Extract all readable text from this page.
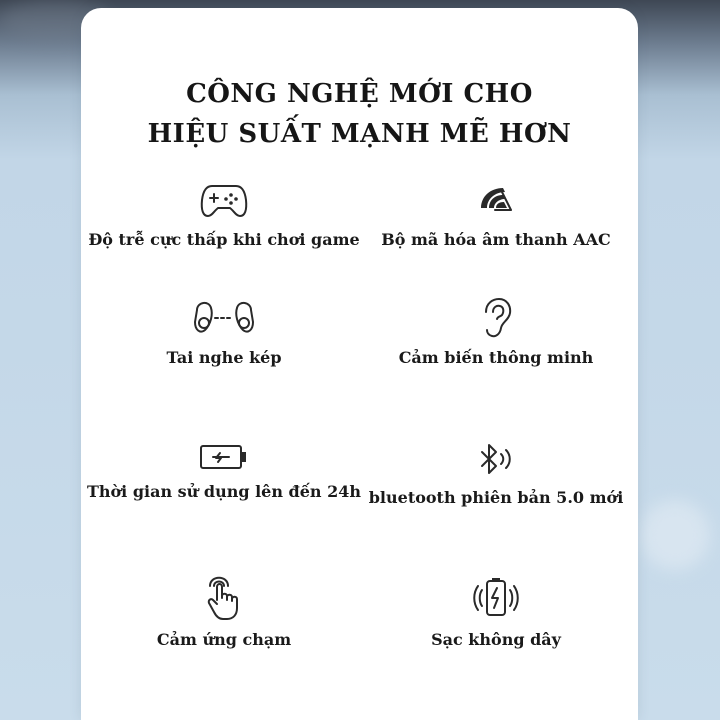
CÔNG NGHỆ MỚI CHO
HIỆU SUẤT MẠNH MẼ HƠN
Độ trễ cực thấp khi chơi game	Bộ mã hóa âm thanh AAC
Tai nghe kép	Cảm biến thông minh
Thời gian sử dụng lên đến 24h bluetooth phiên bản 5.0 mới
Cảm ứng chạm	Sạc không dây
